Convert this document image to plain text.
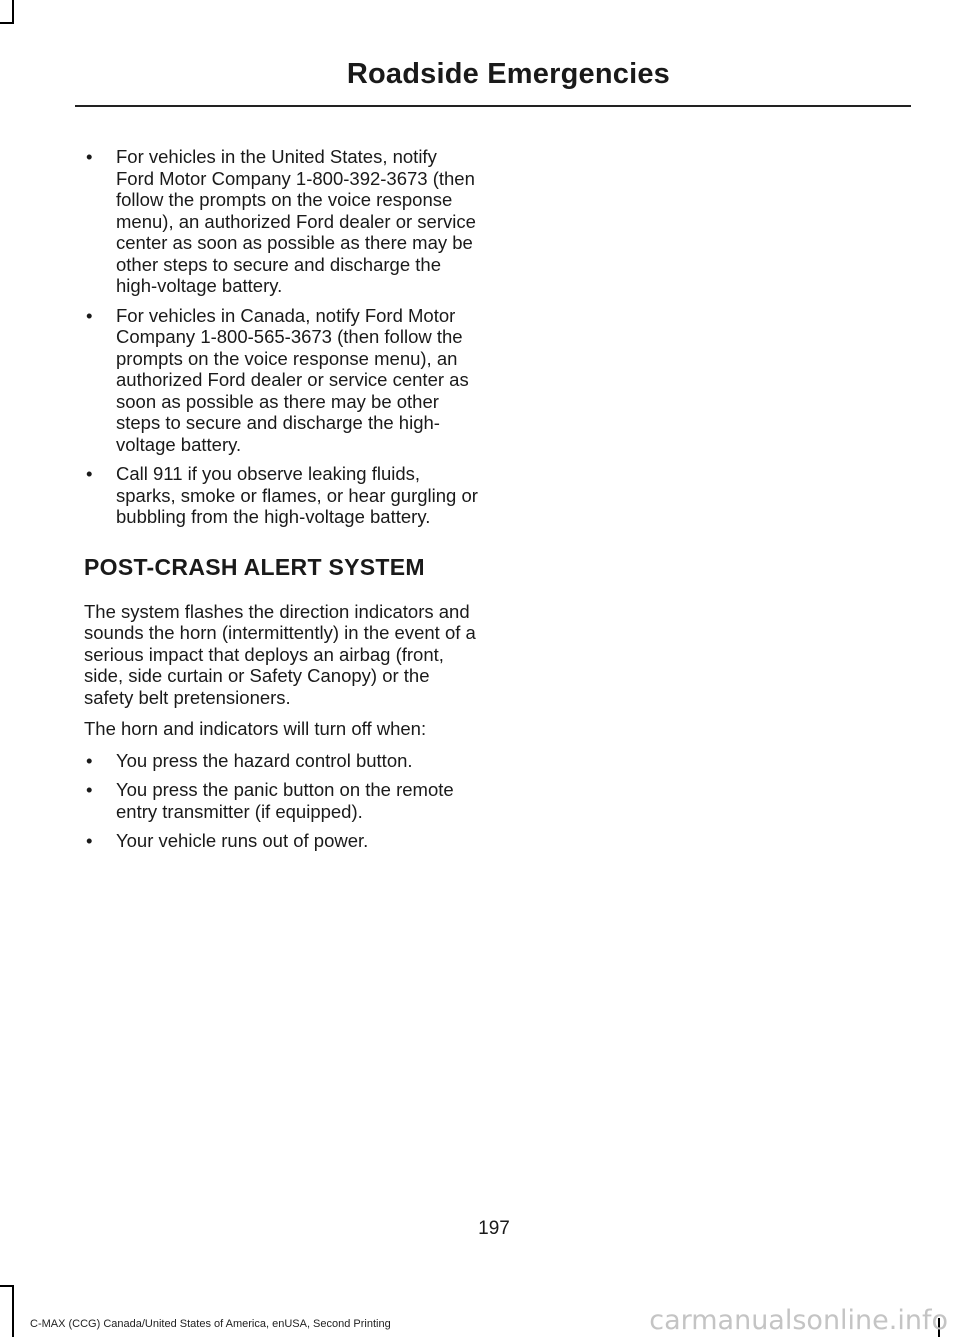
Roadside Emergencies
• For vehicles in the United States, notify Ford Motor Company 1-800-392-3673 (then follow the prompts on the voice response menu), an authorized Ford dealer or service center as soon as possible as there may be other steps to secure and discharge the high-voltage battery.
• For vehicles in Canada, notify Ford Motor Company 1-800-565-3673 (then follow the prompts on the voice response menu), an authorized Ford dealer or service center as soon as possible as there may be other steps to secure and discharge the high-voltage battery.
• Call 911 if you observe leaking fluids, sparks, smoke or flames, or hear gurgling or bubbling from the high-voltage battery.
POST-CRASH ALERT SYSTEM

The system flashes the direction indicators and sounds the horn (intermittently) in the event of a serious impact that deploys an airbag (front, side, side curtain or Safety Canopy) or the safety belt pretensioners.

The horn and indicators will turn off when:

• You press the hazard control button.
• You press the panic button on the remote entry transmitter (if equipped).
• Your vehicle runs out of power.
197
C-MAX (CCG) Canada/United States of America, enUSA, Second Printing	carmanualsonline.info
